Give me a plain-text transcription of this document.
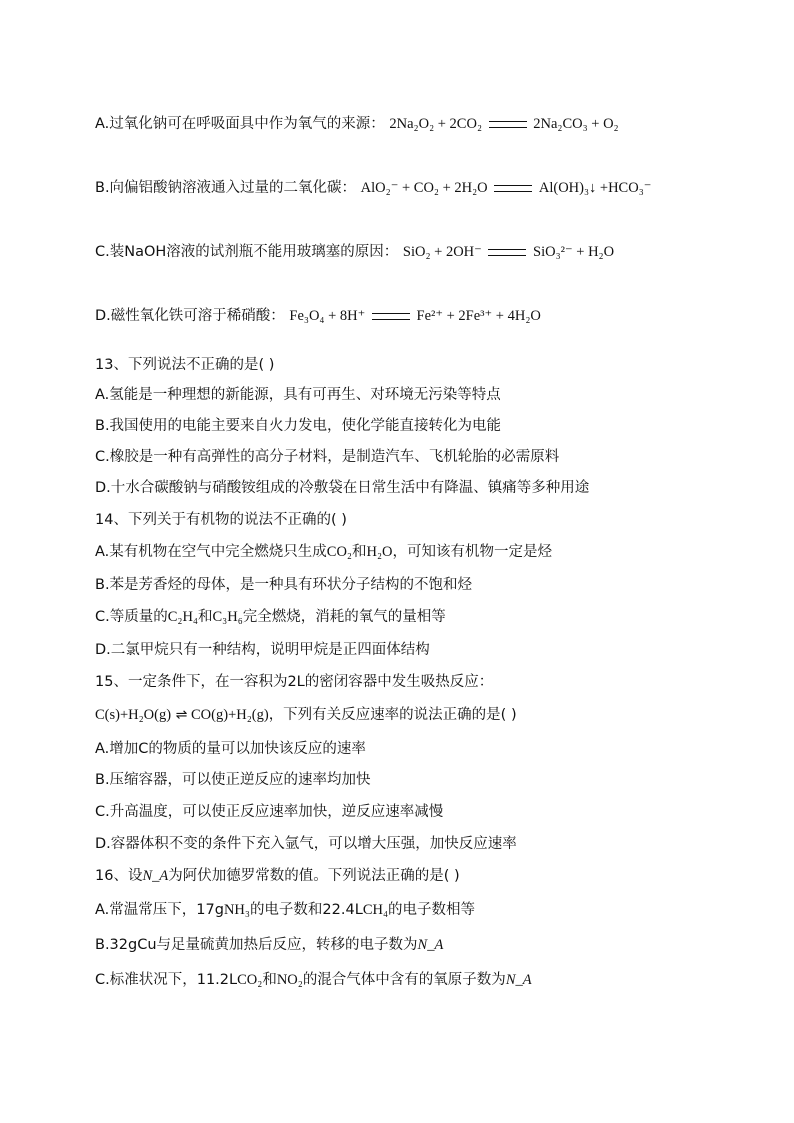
A.过氧化钠可在呼吸面具中作为氧气的来源： 2Na₂O₂ + 2CO₂	2Na₂CO₃ + O₂
B.向偏铝酸钠溶液通入过量的二氧化碳： AlO₂⁻ + CO₂ + 2H₂O	Al(OH)₃↓ +HCO₃⁻
C.装NaOH溶液的试剂瓶不能用玻璃塞的原因： SiO₂ + 2OH⁻	SiO₃²⁻ + H₂O
D.磁性氧化铁可溶于稀硝酸： Fe₃O₄ + 8H⁺	Fe²⁺ + 2Fe³⁺ + 4H₂O
13、下列说法不正确的是( )
A.氢能是一种理想的新能源，具有可再生、对环境无污染等特点
B.我国使用的电能主要来自火力发电，使化学能直接转化为电能
C.橡胶是一种有高弹性的高分子材料，是制造汽车、飞机轮胎的必需原料
D.十水合碳酸钠与硝酸铵组成的冷敷袋在日常生活中有降温、镇痛等多种用途
14、下列关于有机物的说法不正确的( )
A.某有机物在空气中完全燃烧只生成CO₂和H₂O，可知该有机物一定是烃
B.苯是芳香烃的母体，是一种具有环状分子结构的不饱和烃
C.等质量的C₂H₄和C₃H₆完全燃烧，消耗的氧气的量相等
D.二氯甲烷只有一种结构，说明甲烷是正四面体结构
15、一定条件下，在一容积为2L的密闭容器中发生吸热反应：
C(s)+H₂O(g) ⇌ CO(g)+H₂(g)，下列有关反应速率的说法正确的是( )
A.增加C的物质的量可以加快该反应的速率
B.压缩容器，可以使正逆反应的速率均加快
C.升高温度，可以使正反应速率加快，逆反应速率减慢
D.容器体积不变的条件下充入氩气，可以增大压强，加快反应速率
16、设N_A为阿伏加德罗常数的值。下列说法正确的是( )
A.常温常压下，17gNH₃的电子数和22.4LCH₄的电子数相等
B.32gCu与足量硫黄加热后反应，转移的电子数为N_A
C.标准状况下，11.2LCO₂和NO₂的混合气体中含有的氧原子数为N_A
